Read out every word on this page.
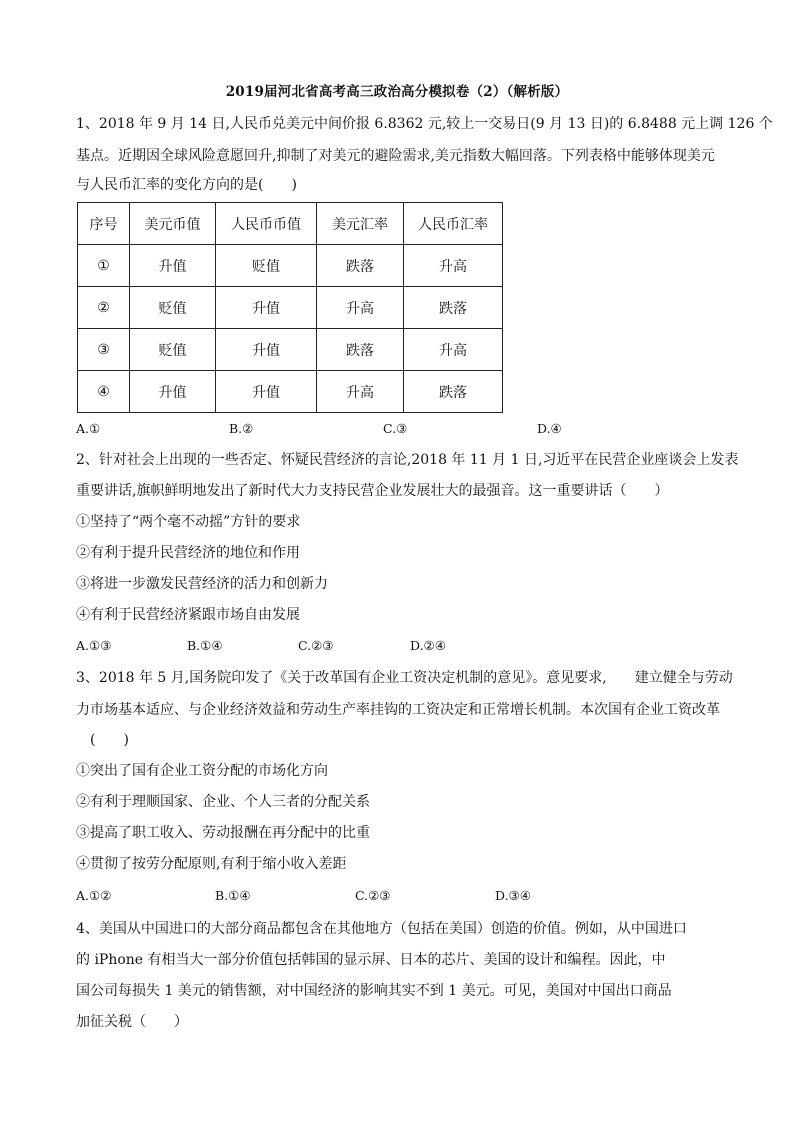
2019届河北省高考高三政治高分模拟卷（2）（解析版）
1、2018 年 9 月 14 日,人民币兑美元中间价报 6.8362 元,较上一交易日(9 月 13 日)的 6.8488 元上调 126 个
基点。近期因全球风险意愿回升,抑制了对美元的避险需求,美元指数大幅回落。下列表格中能够体现美元
与人民币汇率的变化方向的是(　　)
序号	美元币值	人民币币值	美元汇率	人民币汇率
①	升值	贬值	跌落	升高
②	贬值	升值	升高	跌落
③	贬值	升值	跌落	升高
④	升值	升值	升高	跌落
A.①	B.②	C.③	D.④
2、针对社会上出现的一些否定、怀疑民营经济的言论,2018 年 11 月 1 日,习近平在民营企业座谈会上发表
重要讲话,旗帜鲜明地发出了新时代大力支持民营企业发展壮大的最强音。这一重要讲话（　　）
①坚持了“两个毫不动摇”方针的要求
②有利于提升民营经济的地位和作用
③将进一步激发民营经济的活力和创新力
④有利于民营经济紧跟市场自由发展
A.①③	B.①④	C.②③	D.②④
3、2018 年 5 月,国务院印发了《关于改革国有企业工资决定机制的意见》。意见要求,　　建立健全与劳动
力市场基本适应、与企业经济效益和劳动生产率挂钩的工资决定和正常增长机制。本次国有企业工资改革
　(　　)
①突出了国有企业工资分配的市场化方向
②有利于理顺国家、企业、个人三者的分配关系
③提高了职工收入、劳动报酬在再分配中的比重
④贯彻了按劳分配原则,有利于缩小收入差距
A.①②	B.①④	C.②③	D.③④
4、美国从中国进口的大部分商品都包含在其他地方（包括在美国）创造的价值。例如，从中国进口
的 iPhone 有相当大一部分价值包括韩国的显示屏、日本的芯片、美国的设计和编程。因此，中
国公司每损失 1 美元的销售额，对中国经济的影响其实不到 1 美元。可见，美国对中国出口商品
加征关税（　　）
